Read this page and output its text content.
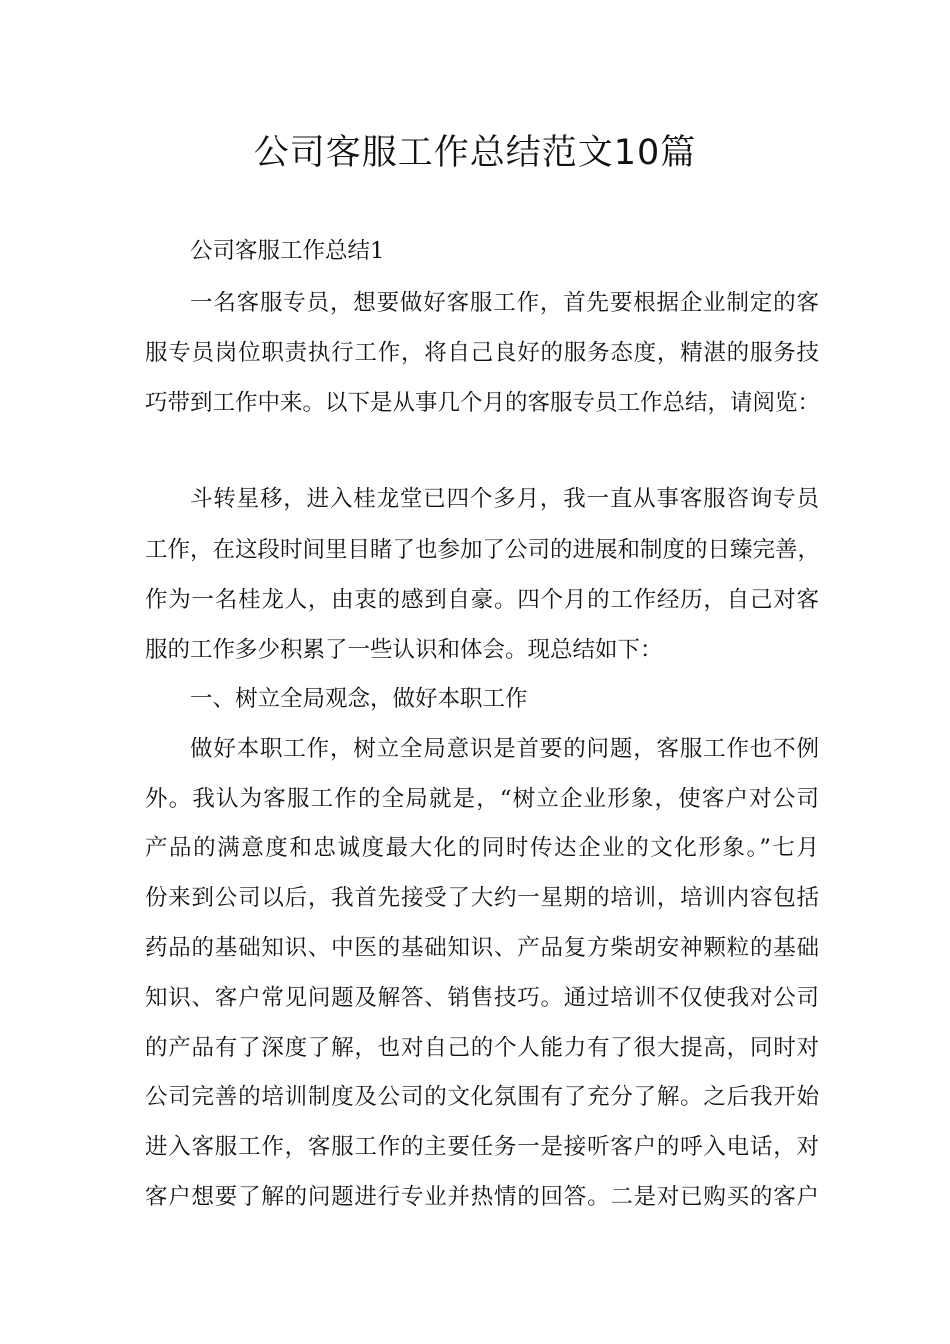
公司客服工作总结范文10篇
公司客服工作总结1
一名客服专员，想要做好客服工作，首先要根据企业制定的客
服专员岗位职责执行工作，将自己良好的服务态度，精湛的服务技
巧带到工作中来。以下是从事几个月的客服专员工作总结，请阅览：
斗转星移，进入桂龙堂已四个多月，我一直从事客服咨询专员
工作，在这段时间里目睹了也参加了公司的进展和制度的日臻完善，
作为一名桂龙人，由衷的感到自豪。四个月的工作经历，自己对客
服的工作多少积累了一些认识和体会。现总结如下：
一、树立全局观念，做好本职工作
做好本职工作，树立全局意识是首要的问题，客服工作也不例
外。我认为客服工作的全局就是，“树立企业形象，使客户对公司
产品的满意度和忠诚度最大化的同时传达企业的文化形象。”七月
份来到公司以后，我首先接受了大约一星期的培训，培训内容包括
药品的基础知识、中医的基础知识、产品复方柴胡安神颗粒的基础
知识、客户常见问题及解答、销售技巧。通过培训不仅使我对公司
的产品有了深度了解，也对自己的个人能力有了很大提高，同时对
公司完善的培训制度及公司的文化氛围有了充分了解。之后我开始
进入客服工作，客服工作的主要任务一是接听客户的呼入电话，对
客户想要了解的问题进行专业并热情的回答。二是对已购买的客户
